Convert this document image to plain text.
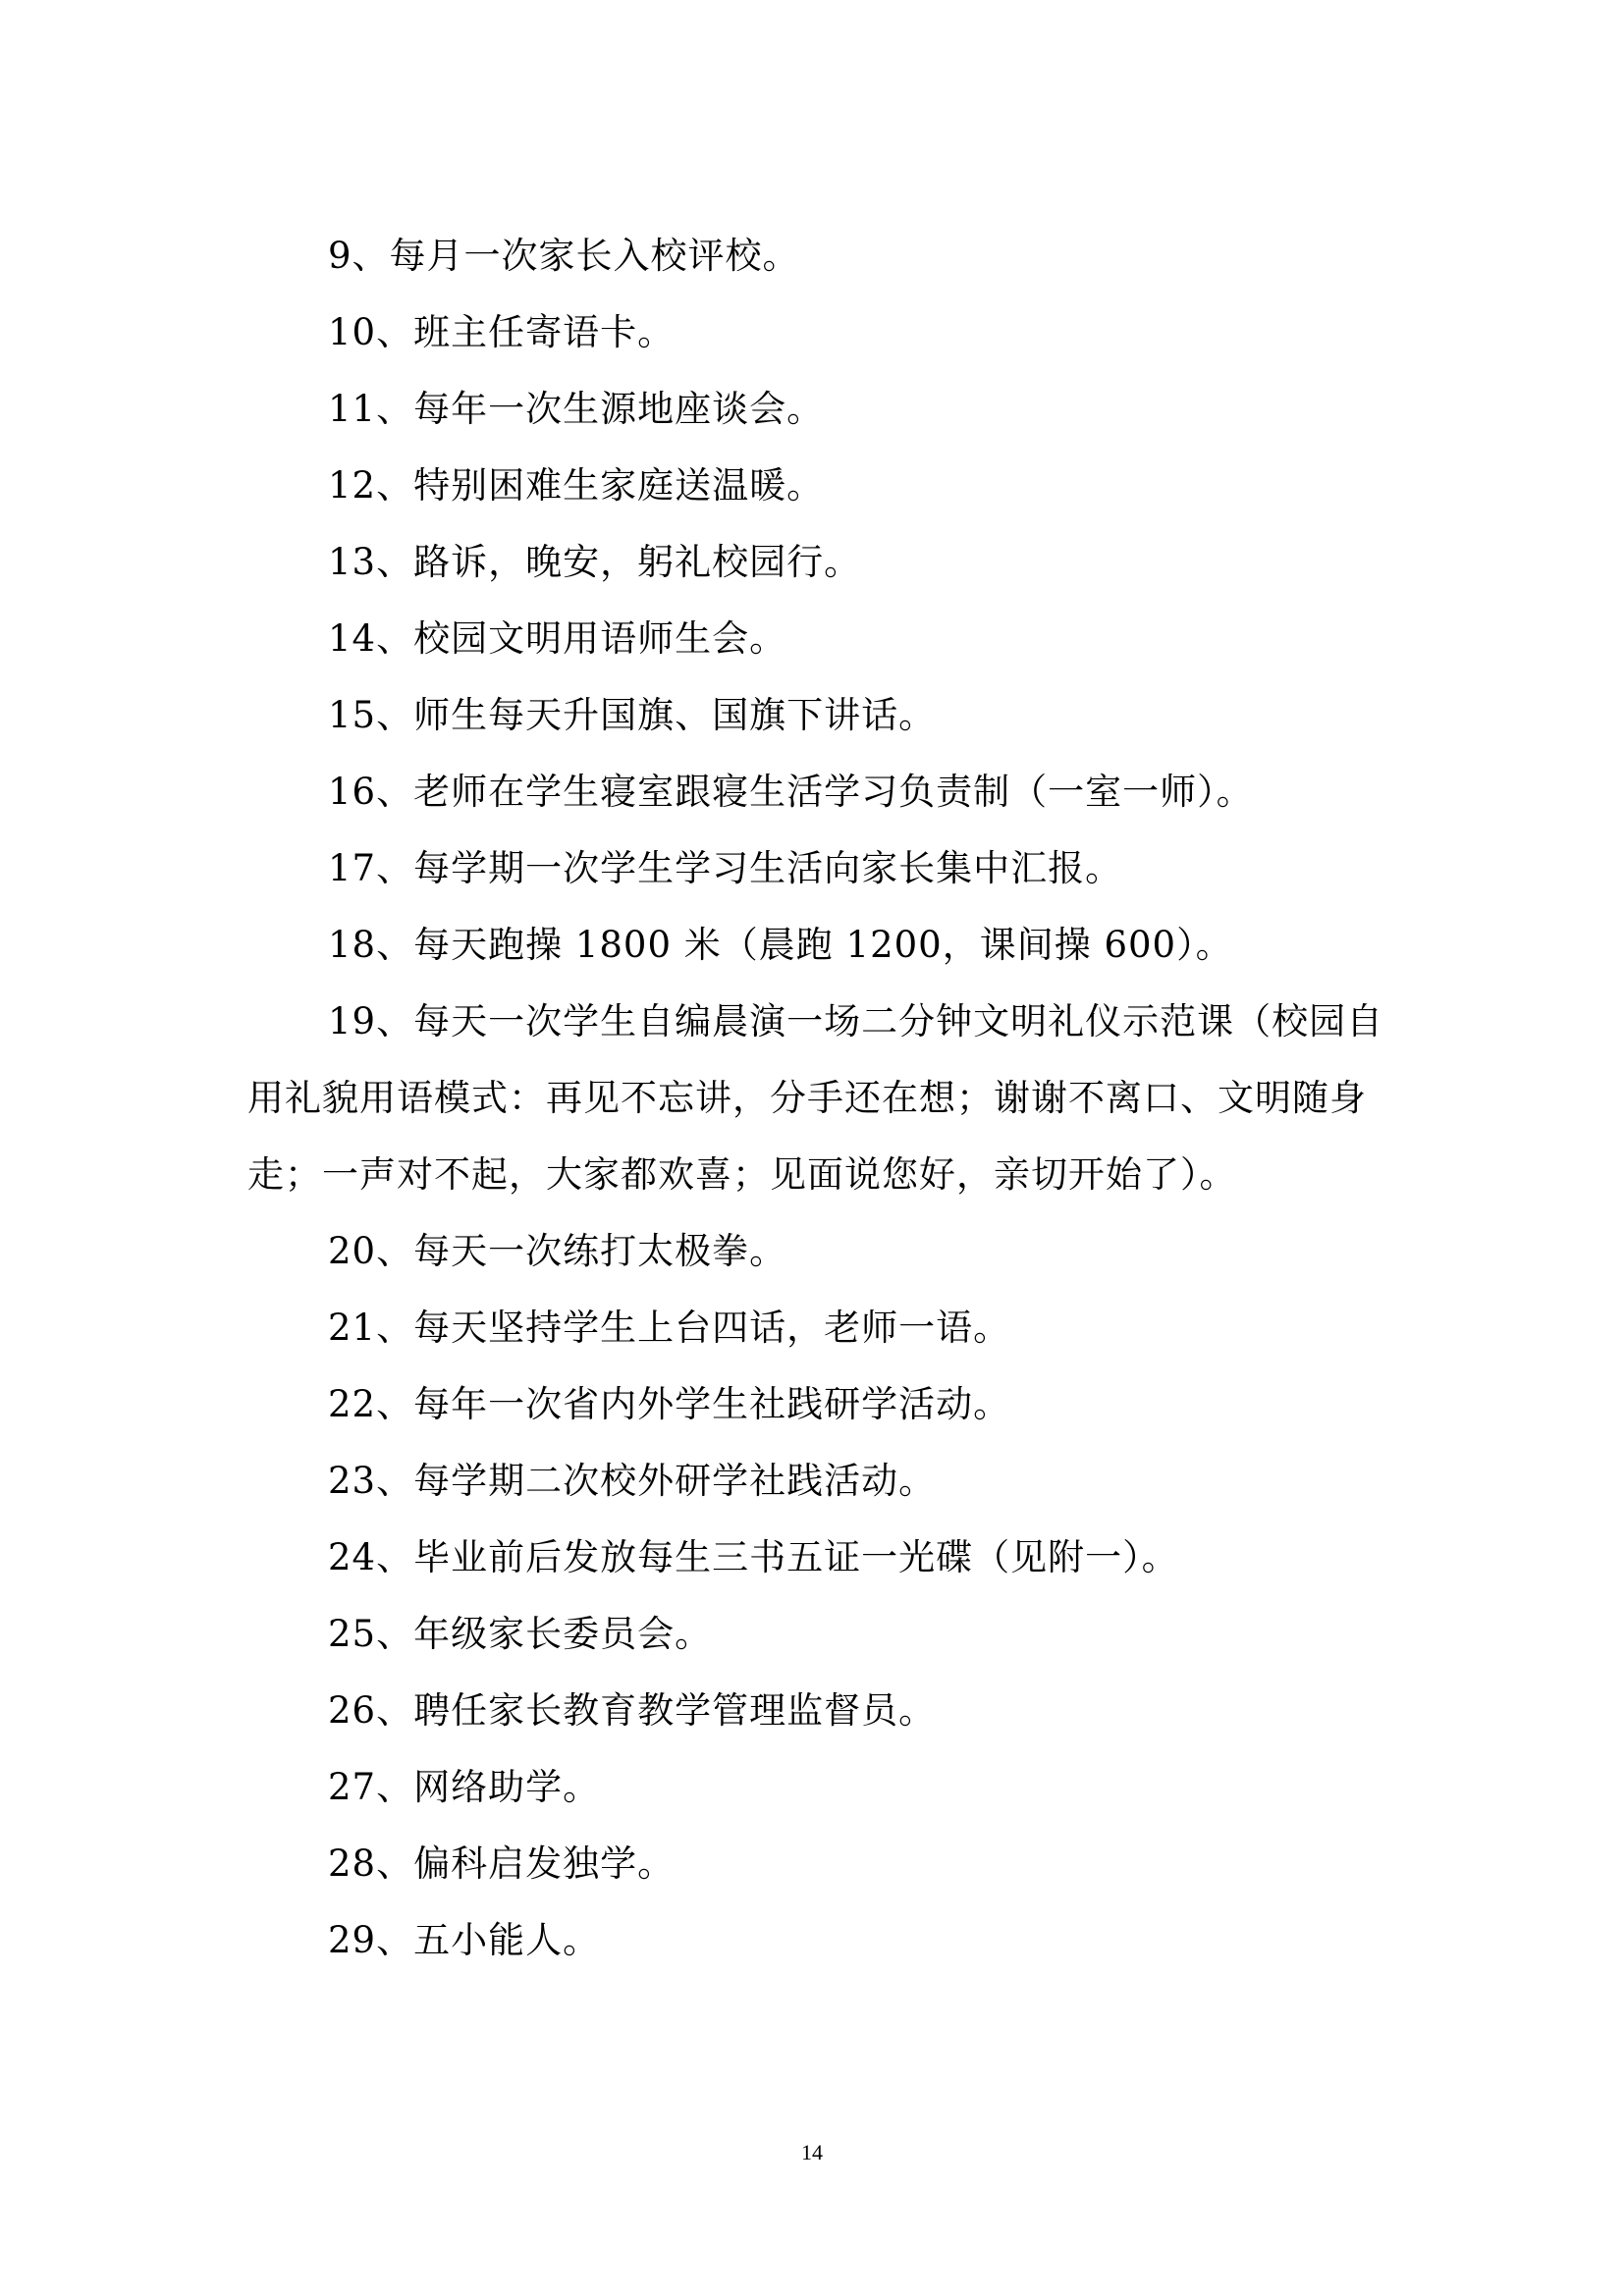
9、每月一次家长入校评校。

10、班主任寄语卡。

11、每年一次生源地座谈会。

12、特别困难生家庭送温暖。

13、路诉，晚安，躬礼校园行。

14、校园文明用语师生会。

15、师生每天升国旗、国旗下讲话。

16、老师在学生寝室跟寝生活学习负责制（一室一师）。

17、每学期一次学生学习生活向家长集中汇报。

18、每天跑操 1800 米（晨跑 1200，课间操 600）。

19、每天一次学生自编晨演一场二分钟文明礼仪示范课（校园自用礼貌用语模式：再见不忘讲，分手还在想；谢谢不离口、文明随身走；一声对不起，大家都欢喜；见面说您好，亲切开始了）。

20、每天一次练打太极拳。

21、每天坚持学生上台四话，老师一语。

22、每年一次省内外学生社践研学活动。

23、每学期二次校外研学社践活动。

24、毕业前后发放每生三书五证一光碟（见附一）。

25、年级家长委员会。

26、聘任家长教育教学管理监督员。

27、网络助学。

28、偏科启发独学。

29、五小能人。

14
